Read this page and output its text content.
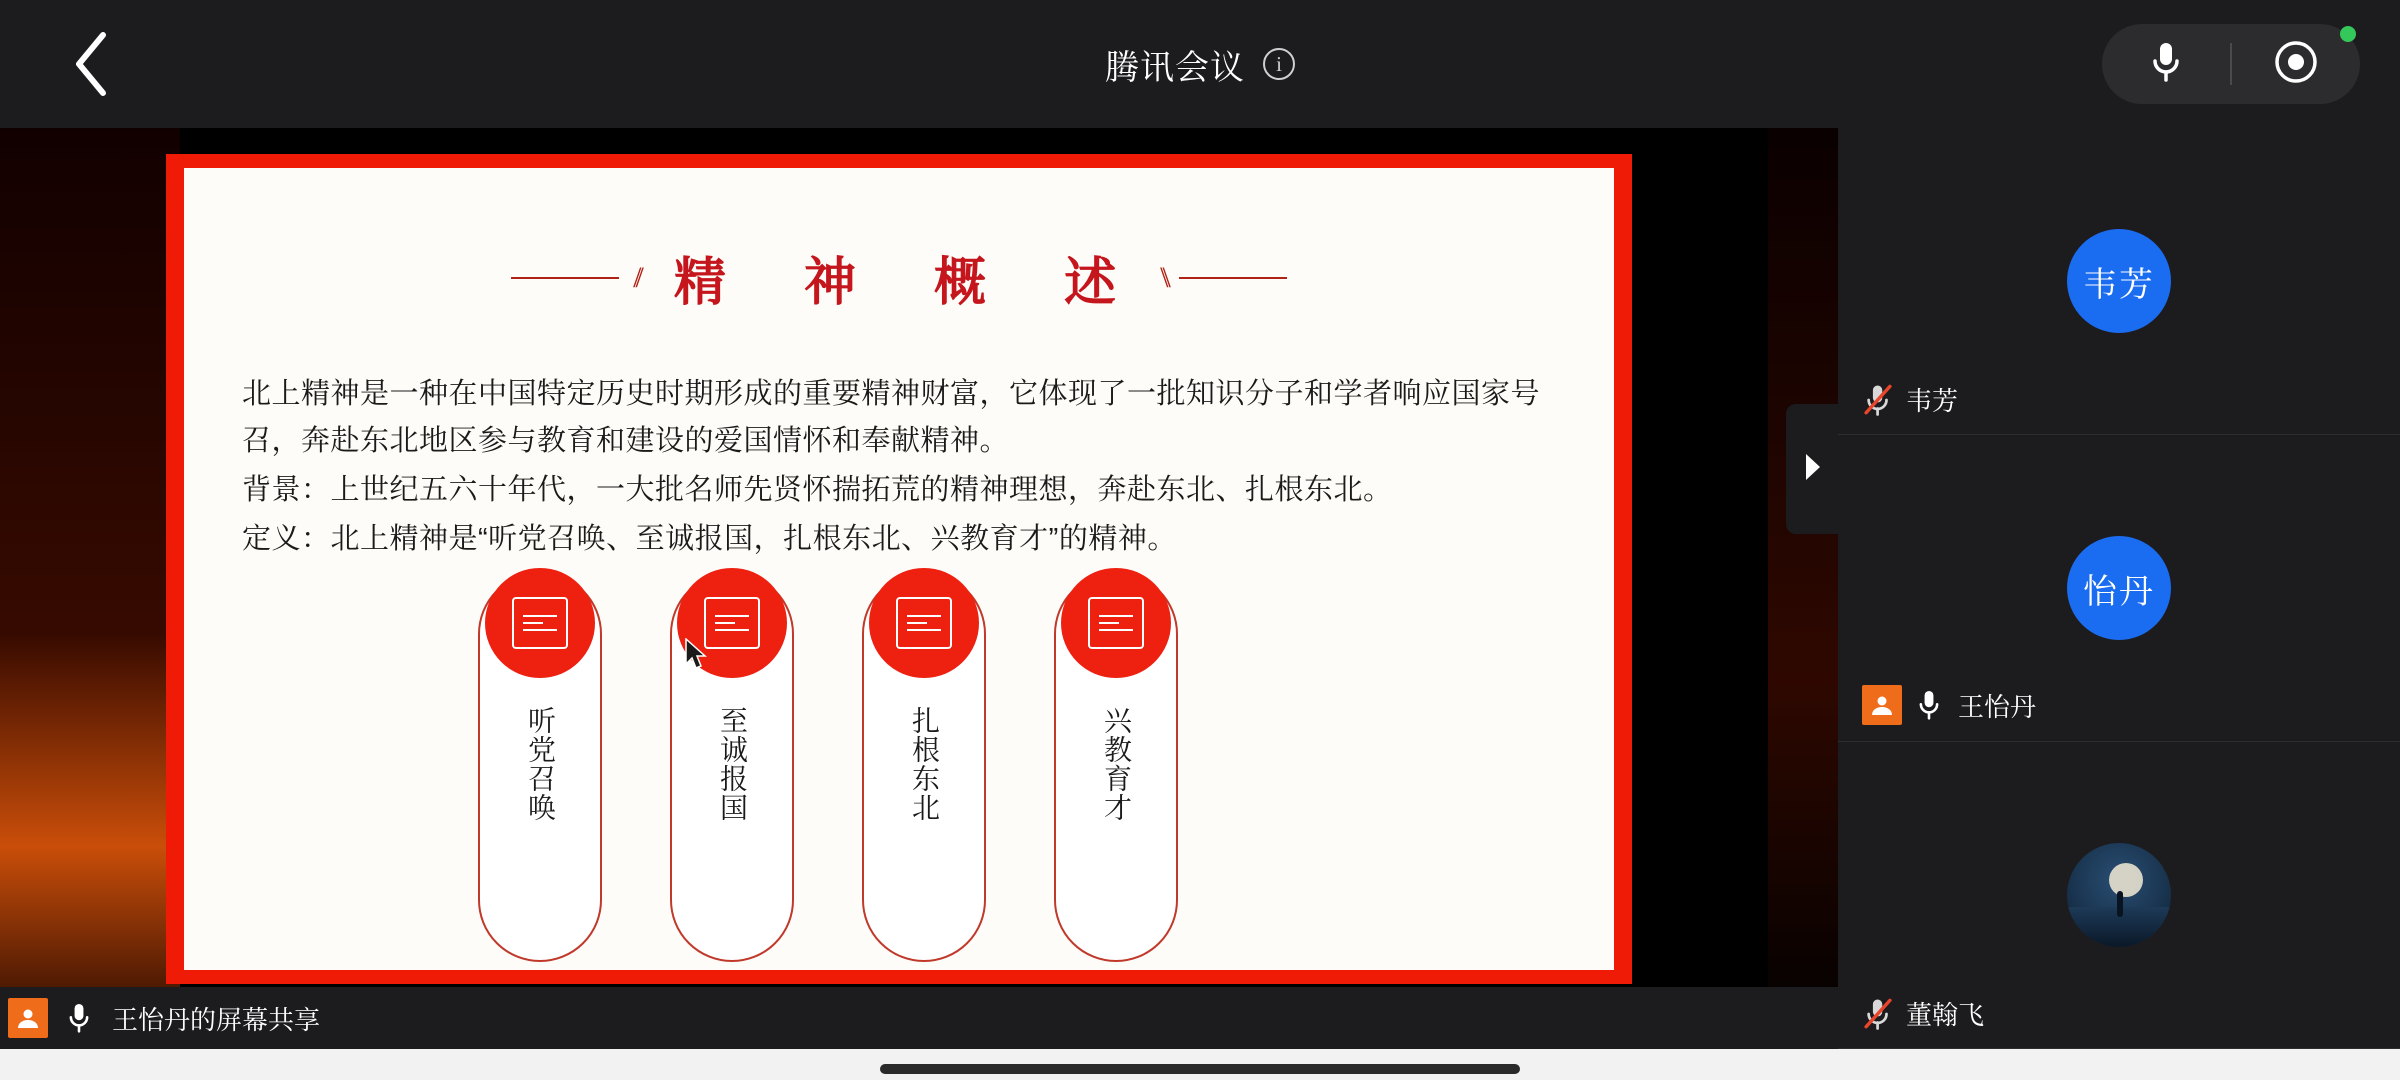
腾讯会议	i
// 精 神 概 述 \\

北上精神是一种在中国特定历史时期形成的重要精神财富，它体现了一批知识分子和学者响应国家号召，奔赴东北地区参与教育和建设的爱国情怀和奉献精神。

背景：上世纪五六十年代，一大批名师先贤怀揣拓荒的精神理想，奔赴东北、扎根东北。

定义：北上精神是“听党召唤、至诚报国，扎根东北、兴教育才”的精神。

听党召唤	至诚报国	扎根东北	兴教育才
王怡丹的屏幕共享
韦芳
韦芳
怡丹
王怡丹
董翰飞
